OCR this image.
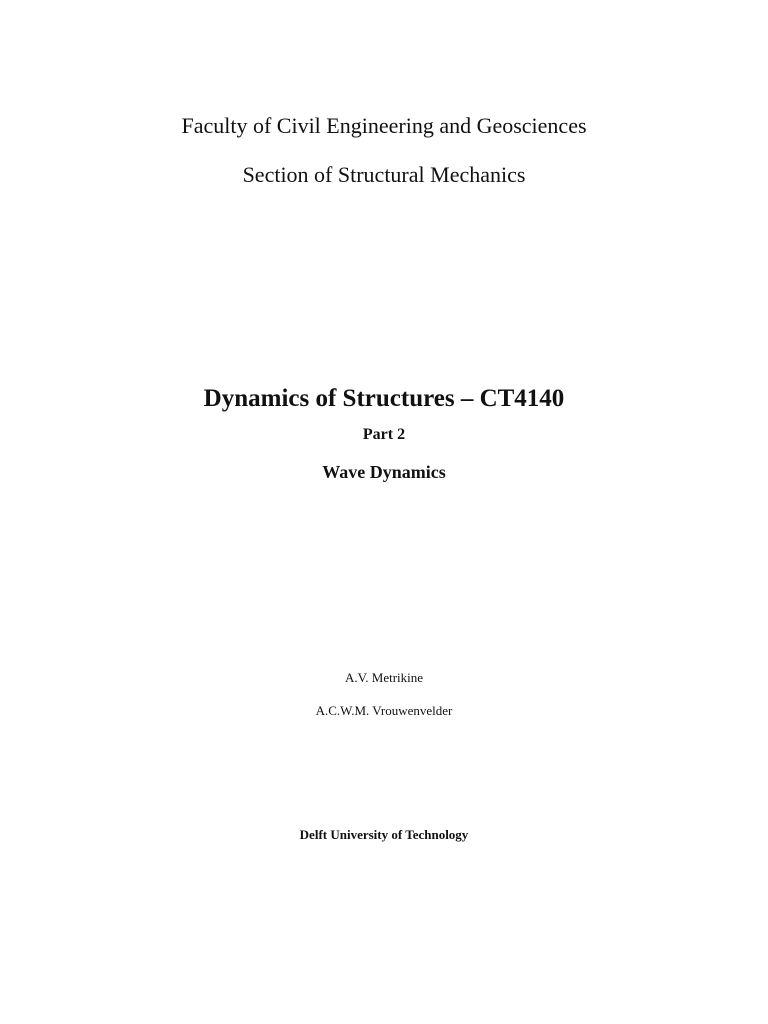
Faculty of Civil Engineering and Geosciences
Section of Structural Mechanics
Dynamics of Structures – CT4140
Part 2
Wave Dynamics
A.V. Metrikine
A.C.W.M. Vrouwenvelder
Delft University of Technology
